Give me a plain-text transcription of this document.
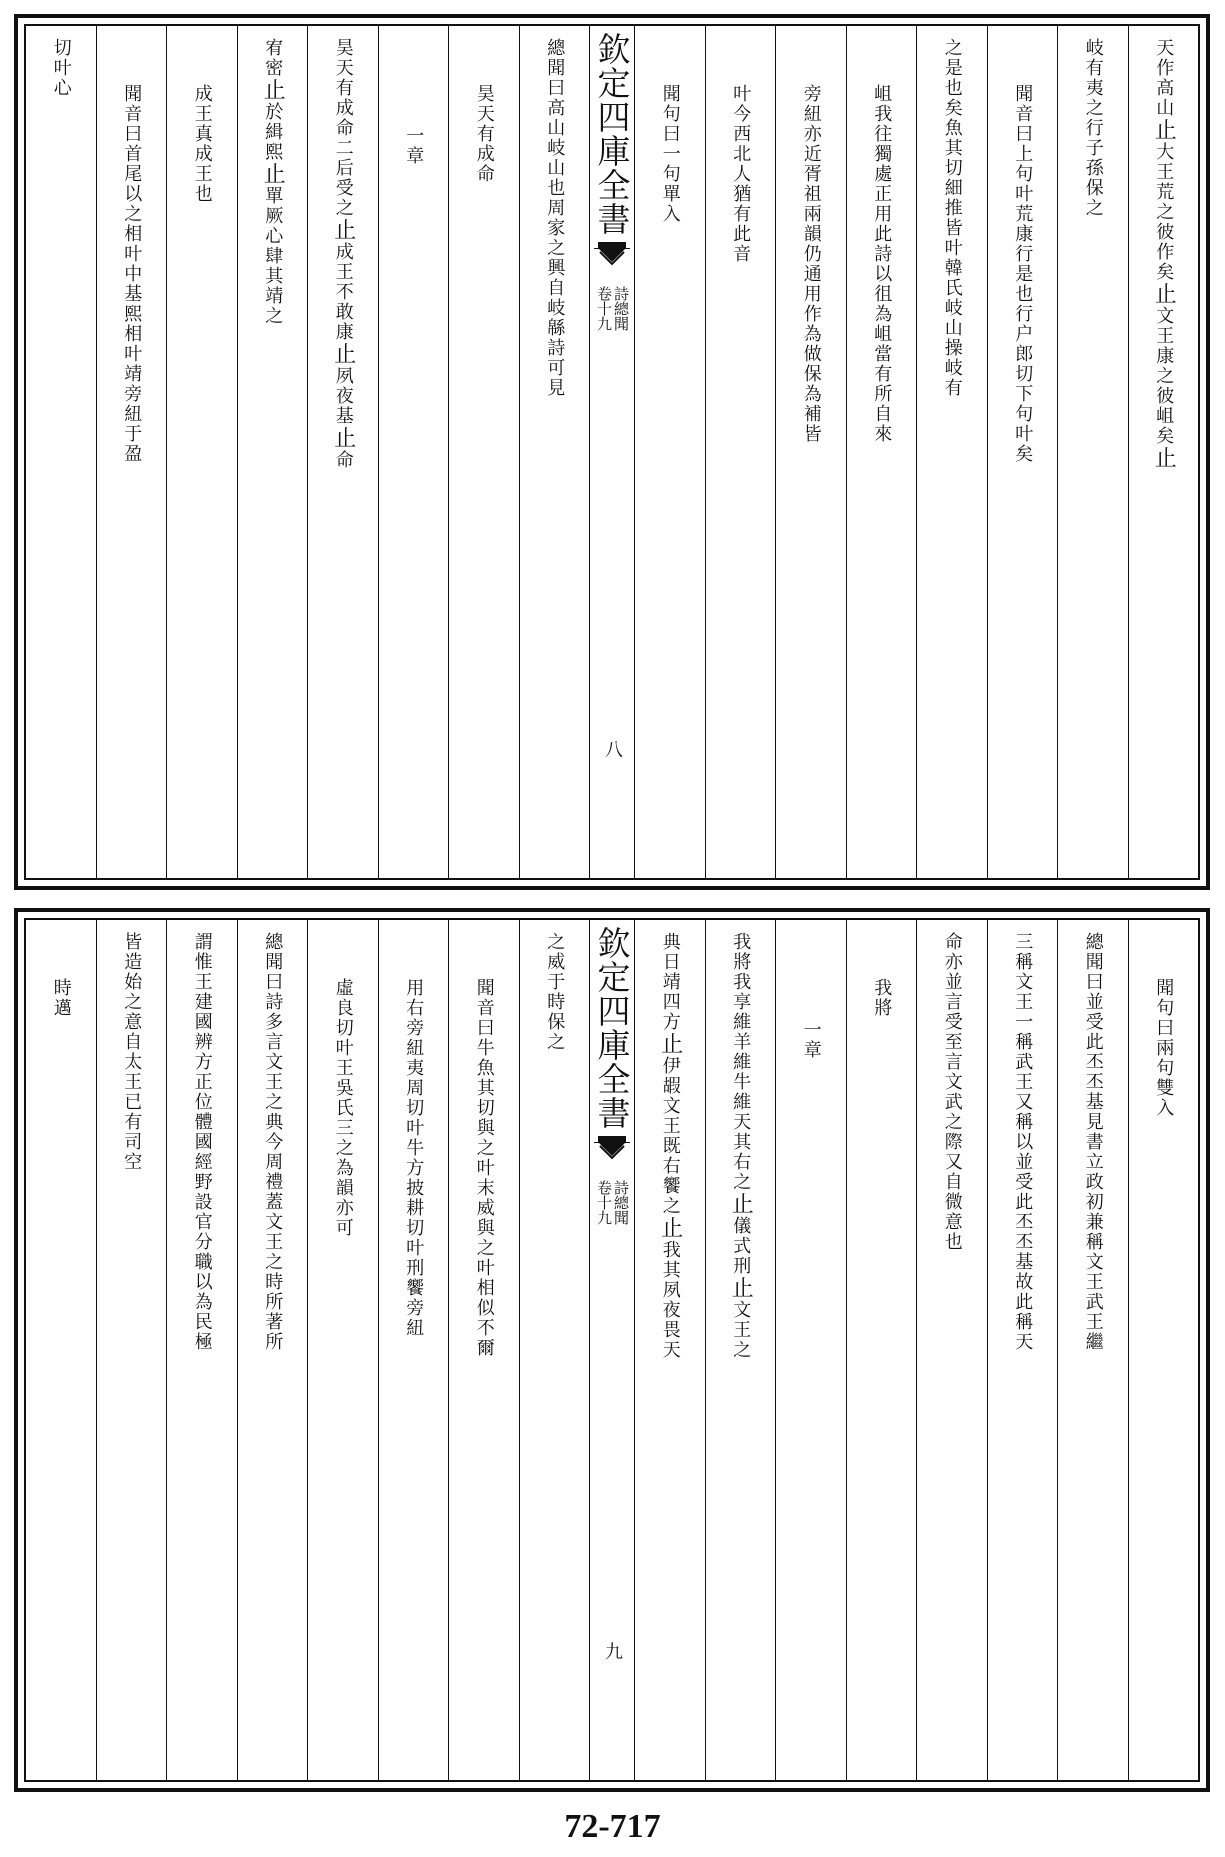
天作高山止大王荒之彼作矣止文王康之彼岨矣止
岐有夷之行子孫保之
聞音曰上句叶荒康行是也行户郎切下句叶矣
之是也矣魚其切細推皆叶韓氏岐山操岐有
岨我往獨處正用此詩以徂為岨當有所自來
旁紐亦近胥祖兩韻仍通用作為做保為補皆
叶今西北人猶有此音
聞句曰一句單入
欽定四庫全書
詩總聞
卷十九
八
總聞曰高山岐山也周家之興自岐緜詩可見
昊天有成命
一章
昊天有成命二后受之止成王不敢康止夙夜基止命
宥密止於緝熙止單厥心肆其靖之
成王真成王也
聞音曰首尾以之相叶中基熙相叶靖旁紐于盈
切叶心
聞句曰兩句雙入
總聞曰並受此丕丕基見書立政初兼稱文王武王繼
三稱文王一稱武王又稱以並受此丕丕基故此稱天
命亦並言受至言文武之際又自微意也
我將
一章
我將我享維羊維牛維天其右之止儀式刑止文王之
典日靖四方止伊嘏文王既右饗之止我其夙夜畏天
欽定四庫全書
詩總聞
卷十九
九
之威于時保之
聞音曰牛魚其切與之叶末威與之叶相似不爾
用右旁紐夷周切叶牛方披耕切叶刑饗旁紐
虛良切叶王吳氏三之為韻亦可
總聞曰詩多言文王之典今周禮蓋文王之時所著所
謂惟王建國辨方正位體國經野設官分職以為民極
皆造始之意自太王已有司空
時邁
72-717
